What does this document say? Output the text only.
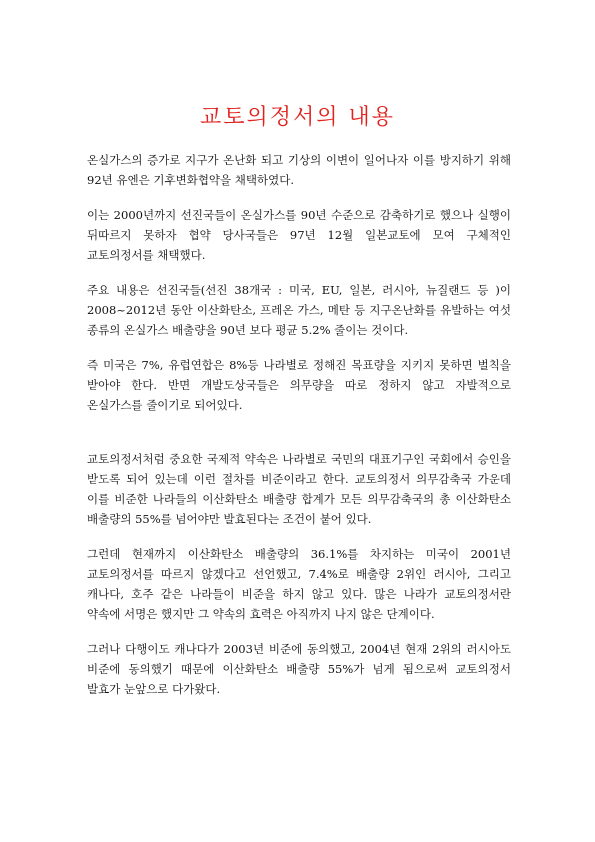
교토의정서의 내용

온실가스의 증가로 지구가 온난화 되고 기상의 이변이 일어나자 이를 방지하기 위해 92년 유엔은 기후변화협약을 채택하였다.

이는 2000년까지 선진국들이 온실가스를 90년 수준으로 감축하기로 했으나 실행이 뒤따르지 못하자 협약 당사국들은 97년 12월 일본교토에 모여 구체적인 교토의정서를 채택했다.

주요 내용은 선진국들(선진 38개국 : 미국, EU, 일본, 러시아, 뉴질랜드 등 )이 2008~2012년 동안 이산화탄소, 프레온 가스, 메탄 등 지구온난화를 유발하는 여섯 종류의 온실가스 배출량을 90년 보다 평균 5.2% 줄이는 것이다.

즉 미국은 7%, 유럽연합은 8%등 나라별로 정해진 목표량을 지키지 못하면 벌칙을 받아야 한다. 반면 개발도상국들은 의무량을 따로 정하지 않고 자발적으로 온실가스를 줄이기로 되어있다.

교토의정서처럼 중요한 국제적 약속은 나라별로 국민의 대표기구인 국회에서 승인을 받도록 되어 있는데 이런 절차를 비준이라고 한다. 교토의정서 의무감축국 가운데 이를 비준한 나라들의 이산화탄소 배출량 합계가 모든 의무감축국의 총 이산화탄소 배출량의 55%를 넘어야만 발효된다는 조건이 붙어 있다.

그런데 현재까지 이산화탄소 배출량의 36.1%를 차지하는 미국이 2001년 교토의정서를 따르지 않겠다고 선언했고, 7.4%로 배출량 2위인 러시아, 그리고 캐나다, 호주 같은 나라들이 비준을 하지 않고 있다. 많은 나라가 교토의정서란 약속에 서명은 했지만 그 약속의 효력은 아직까지 나지 않은 단계이다.

그러나 다행이도 캐나다가 2003년 비준에 동의했고, 2004년 현재 2위의 러시아도 비준에 동의했기 때문에 이산화탄소 배출량 55%가 넘게 됨으로써 교토의정서 발효가 눈앞으로 다가왔다.
